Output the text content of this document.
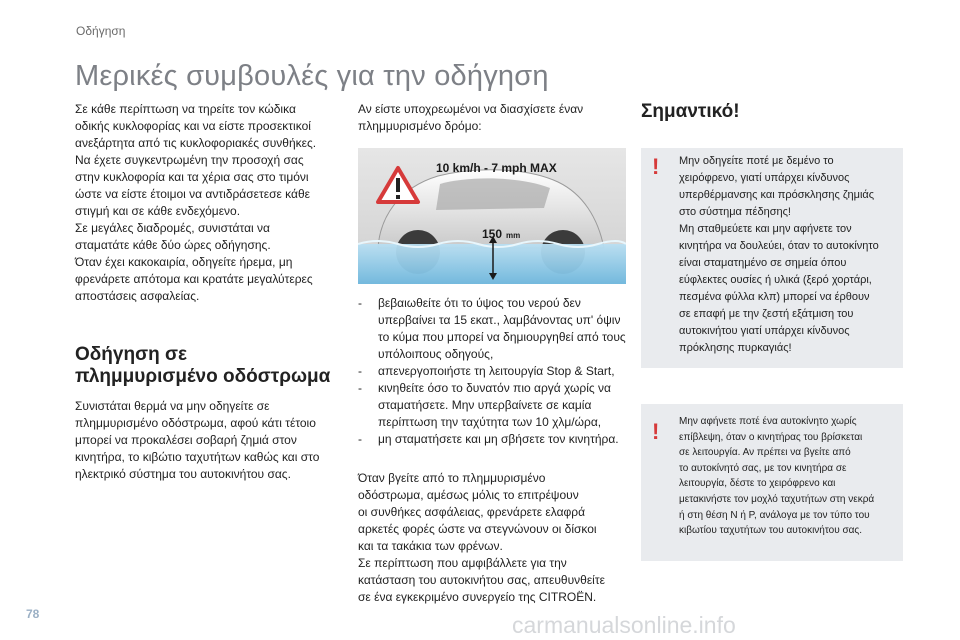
Οδήγηση
Μερικές συμβουλές για την οδήγηση

Σε κάθε περίπτωση να τηρείτε τον κώδικα
οδικής κυκλοφορίας και να είστε προσεκτικοί
ανεξάρτητα από τις κυκλοφοριακές συνθήκες.
Να έχετε συγκεντρωμένη την προσοχή σας
στην κυκλοφορία και τα χέρια σας στο τιμόνι
ώστε να είστε έτοιμοι να αντιδράσετεσε κάθε
στιγμή και σε κάθε ενδεχόμενο.
Σε μεγάλες διαδρομές, συνιστάται να
σταματάτε κάθε δύο ώρες οδήγησης.
Όταν έχει κακοκαιρία, οδηγείτε ήρεμα, μη
φρενάρετε απότομα και κρατάτε μεγαλύτερες
αποστάσεις ασφαλείας.

Οδήγηση σε
πλημμυρισμένο οδόστρωμα

Συνιστάται θερμά να μην οδηγείτε σε
πλημμυρισμένο οδόστρωμα, αφού κάτι τέτοιο
μπορεί να προκαλέσει σοβαρή ζημιά στον
κινητήρα, το κιβώτιο ταχυτήτων καθώς και στο
ηλεκτρικό σύστημα του αυτοκινήτου σας.

Αν είστε υποχρεωμένοι να διασχίσετε έναν
πλημμυρισμένο δρόμο:

10 km/h - 7 mph MAX
150 mm
-	βεβαιωθείτε ότι το ύψος του νερού δεν υπερβαίνει τα 15 εκατ., λαμβάνοντας υπ' όψιν το κύμα που μπορεί να δημιουργηθεί από τους υπόλοιπους οδηγούς,
-	απενεργοποιήστε τη λειτουργία Stop & Start,
-	κινηθείτε όσο το δυνατόν πιο αργά χωρίς να σταματήσετε. Μην υπερβαίνετε σε καμία περίπτωση την ταχύτητα των 10 χλμ/ώρα,
-	μη σταματήσετε και μη σβήσετε τον κινητήρα.
Όταν βγείτε από το πλημμυρισμένο
οδόστρωμα, αμέσως μόλις το επιτρέψουν
οι συνθήκες ασφάλειας, φρενάρετε ελαφρά
αρκετές φορές ώστε να στεγνώνουν οι δίσκοι
και τα τακάκια των φρένων.
Σε περίπτωση που αμφιβάλλετε για την
κατάσταση του αυτοκινήτου σας, απευθυνθείτε
σε ένα εγκεκριμένο συνεργείο της CITROËN.
Σημαντικό!
! Μην οδηγείτε ποτέ με δεμένο το
χειρόφρενο, γιατί υπάρχει κίνδυνος
υπερθέρμανσης και πρόσκλησης ζημιάς
στο σύστημα πέδησης!
Μη σταθμεύετε και μην αφήνετε τον
κινητήρα να δουλεύει, όταν το αυτοκίνητο
είναι σταματημένο σε σημεία όπου
εύφλεκτες ουσίες ή υλικά (ξερό χορτάρι,
πεσμένα φύλλα κλπ) μπορεί να έρθουν
σε επαφή με την ζεστή εξάτμιση του
αυτοκινήτου γιατί υπάρχει κίνδυνος
πρόκλησης πυρκαγιάς!
! Μην αφήνετε ποτέ ένα αυτοκίνητο χωρίς
επίβλεψη, όταν ο κινητήρας του βρίσκεται
σε λειτουργία. Αν πρέπει να βγείτε από
το αυτοκίνητό σας, με τον κινητήρα σε
λειτουργία, δέστε το χειρόφρενο και
μετακινήστε τον μοχλό ταχυτήτων στη νεκρά
ή στη θέση N ή P, ανάλογα με τον τύπο του
κιβωτίου ταχυτήτων του αυτοκινήτου σας.
78	carmanualsonline.info
